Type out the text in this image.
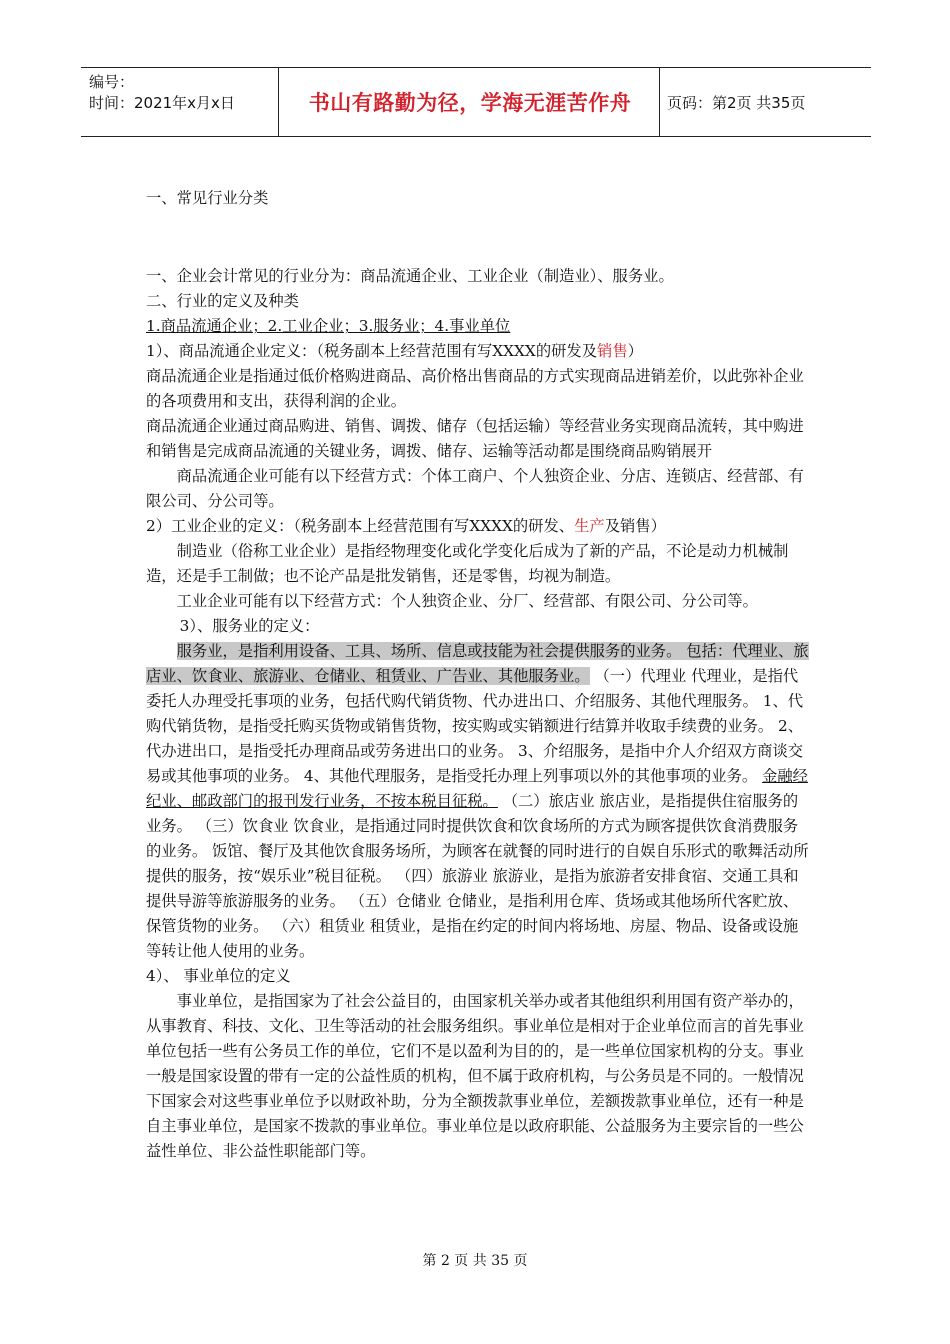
编号：
时间：2021年x月x日	书山有路勤为径，学海无涯苦作舟	页码：第2页 共35页

一、常见行业分类

一、企业会计常见的行业分为：商品流通企业、工业企业（制造业）、服务业。

二、行业的定义及种类

1.商品流通企业；2.工业企业；3.服务业；4.事业单位

1）、商品流通企业定义：（税务副本上经营范围有写XXXX的研发及销售）

商品流通企业是指通过低价格购进商品、高价格出售商品的方式实现商品进销差价，以此弥补企业的各项费用和支出，获得利润的企业。

商品流通企业通过商品购进、销售、调拨、储存（包括运输）等经营业务实现商品流转，其中购进和销售是完成商品流通的关键业务，调拨、储存、运输等活动都是围绕商品购销展开

商品流通企业可能有以下经营方式：个体工商户、个人独资企业、分店、连锁店、经营部、有限公司、分公司等。

2）工业企业的定义：（税务副本上经营范围有写XXXX的研发、生产及销售）

制造业（俗称工业企业）是指经物理变化或化学变化后成为了新的产品，不论是动力机械制造，还是手工制做；也不论产品是批发销售，还是零售，均视为制造。

工业企业可能有以下经营方式：个人独资企业、分厂、经营部、有限公司、分公司等。

3）、服务业的定义：

服务业，是指利用设备、工具、场所、信息或技能为社会提供服务的业务。 包括：代理业、旅店业、饮食业、旅游业、仓储业、租赁业、广告业、其他服务业。 （一）代理业 代理业，是指代委托人办理受托事项的业务，包括代购代销货物、代办进出口、介绍服务、其他代理服务。 1、代购代销货物，是指受托购买货物或销售货物，按实购或实销额进行结算并收取手续费的业务。 2、代办进出口，是指受托办理商品或劳务进出口的业务。 3、介绍服务，是指中介人介绍双方商谈交易或其他事项的业务。 4、其他代理服务，是指受托办理上列事项以外的其他事项的业务。 金融经纪业、邮政部门的报刊发行业务，不按本税目征税。 （二）旅店业 旅店业，是指提供住宿服务的业务。 （三）饮食业 饮食业，是指通过同时提供饮食和饮食场所的方式为顾客提供饮食消费服务的业务。 饭馆、餐厅及其他饮食服务场所，为顾客在就餐的同时进行的自娱自乐形式的歌舞活动所提供的服务，按“娱乐业”税目征税。 （四）旅游业 旅游业，是指为旅游者安排食宿、交通工具和提供导游等旅游服务的业务。 （五）仓储业 仓储业，是指利用仓库、货场或其他场所代客贮放、保管货物的业务。 （六）租赁业 租赁业，是指在约定的时间内将场地、房屋、物品、设备或设施等转让他人使用的业务。

4）、 事业单位的定义

事业单位，是指国家为了社会公益目的，由国家机关举办或者其他组织利用国有资产举办的，从事教育、科技、文化、卫生等活动的社会服务组织。事业单位是相对于企业单位而言的首先事业单位包括一些有公务员工作的单位，它们不是以盈利为目的的，是一些单位国家机构的分支。事业一般是国家设置的带有一定的公益性质的机构，但不属于政府机构，与公务员是不同的。一般情况下国家会对这些事业单位予以财政补助，分为全额拨款事业单位，差额拨款事业单位，还有一种是自主事业单位，是国家不拨款的事业单位。事业单位是以政府职能、公益服务为主要宗旨的一些公益性单位、非公益性职能部门等。

第 2 页 共 35 页
